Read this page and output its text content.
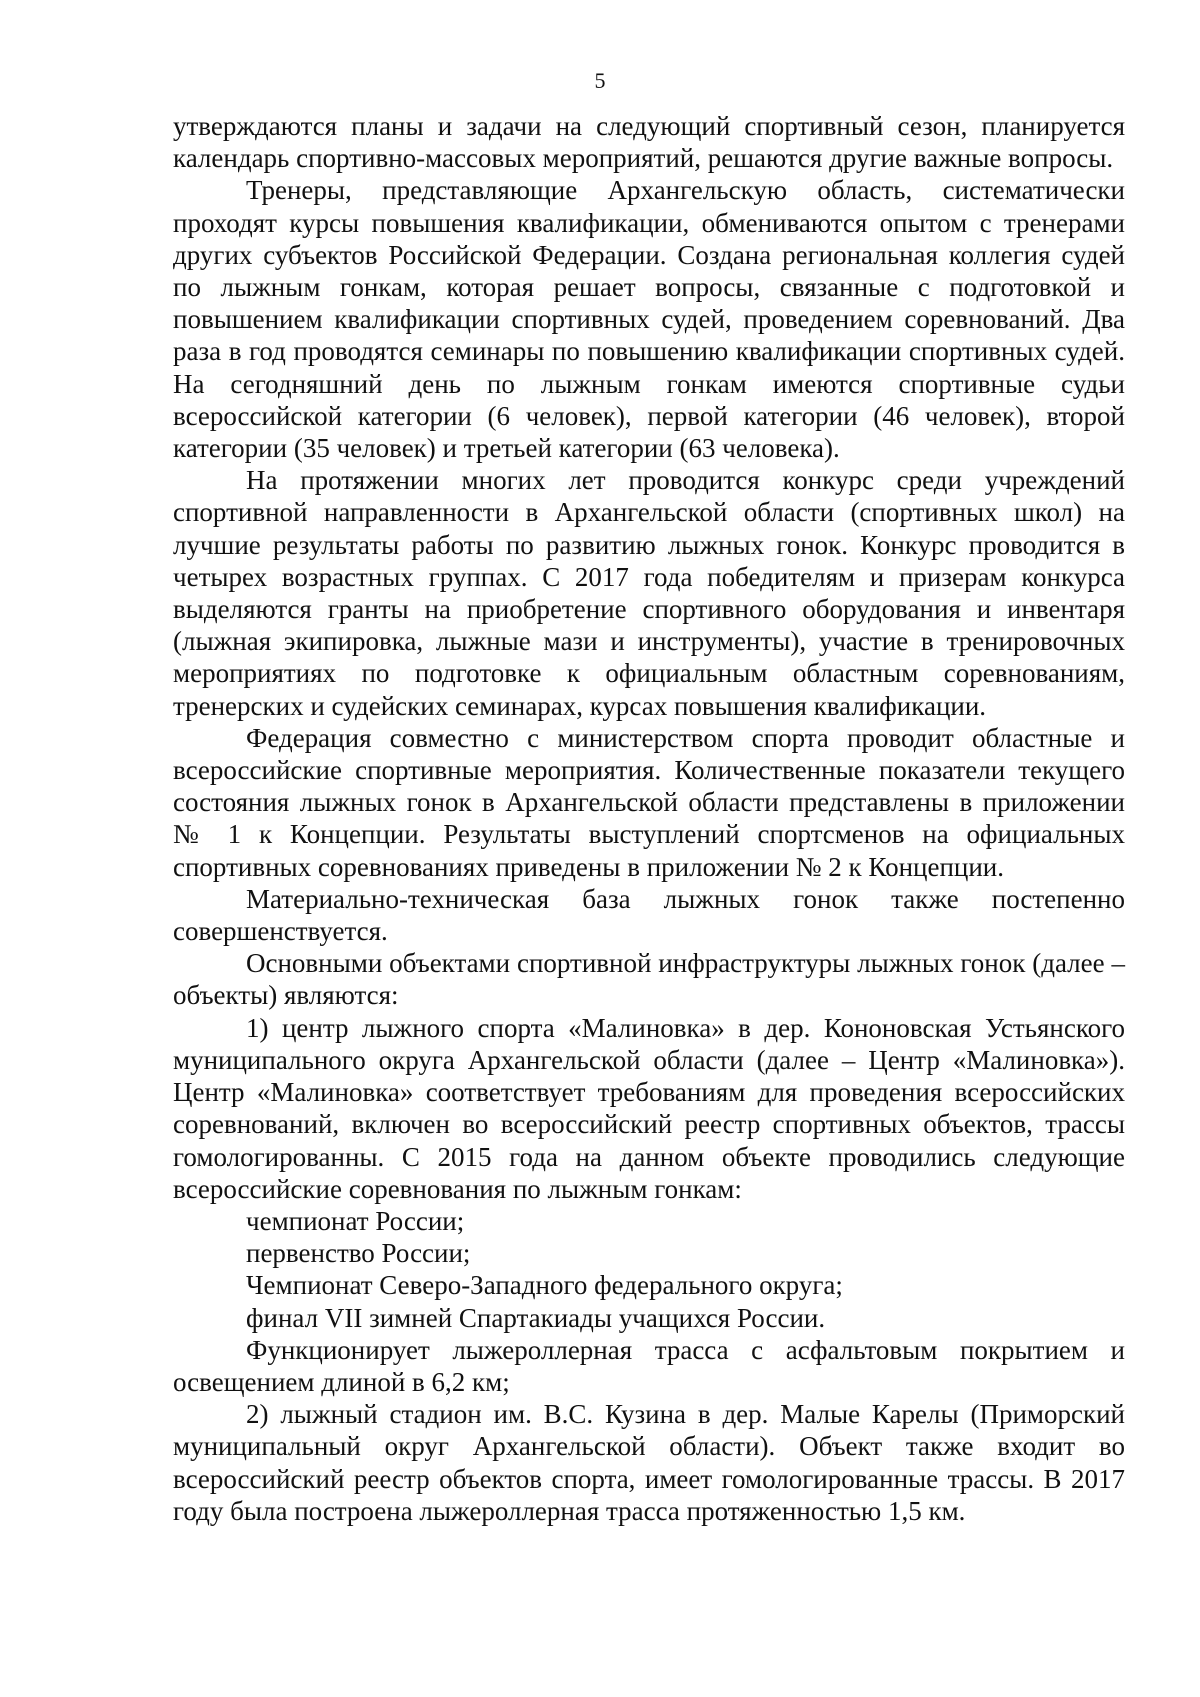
5

утверждаются планы и задачи на следующий спортивный сезон, планируется календарь спортивно-массовых мероприятий, решаются другие важные вопросы.

Тренеры, представляющие Архангельскую область, систематически проходят курсы повышения квалификации, обмениваются опытом с тренерами других субъектов Российской Федерации. Создана региональная коллегия судей по лыжным гонкам, которая решает вопросы, связанные с подготовкой и повышением квалификации спортивных судей, проведением соревнований. Два раза в год проводятся семинары по повышению квалификации спортивных судей. На сегодняшний день по лыжным гонкам имеются спортивные судьи всероссийской категории (6 человек), первой категории (46 человек), второй категории (35 человек) и третьей категории (63 человека).

На протяжении многих лет проводится конкурс среди учреждений спортивной направленности в Архангельской области (спортивных школ) на лучшие результаты работы по развитию лыжных гонок. Конкурс проводится в четырех возрастных группах. С 2017 года победителям и призерам конкурса выделяются гранты на приобретение спортивного оборудования и инвентаря (лыжная экипировка, лыжные мази и инструменты), участие в тренировочных мероприятиях по подготовке к официальным областным соревнованиям, тренерских и судейских семинарах, курсах повышения квалификации.

Федерация совместно с министерством спорта проводит областные и всероссийские спортивные мероприятия. Количественные показатели текущего состояния лыжных гонок в Архангельской области представлены в приложении № 1 к Концепции. Результаты выступлений спортсменов на официальных спортивных соревнованиях приведены в приложении № 2 к Концепции.

Материально-техническая база лыжных гонок также постепенно совершенствуется.

Основными объектами спортивной инфраструктуры лыжных гонок (далее – объекты) являются:

1) центр лыжного спорта «Малиновка» в дер. Кононовская Устьянского муниципального округа Архангельской области (далее – Центр «Малиновка»). Центр «Малиновка» соответствует требованиям для проведения всероссийских соревнований, включен во всероссийский реестр спортивных объектов, трассы гомологированны. С 2015 года на данном объекте проводились следующие всероссийские соревнования по лыжным гонкам:

чемпионат России;
первенство России;
Чемпионат Северо-Западного федерального округа;
финал VII зимней Спартакиады учащихся России.

Функционирует лыжероллерная трасса с асфальтовым покрытием и освещением длиной в 6,2 км;

2) лыжный стадион им. В.С. Кузина в дер. Малые Карелы (Приморский муниципальный округ Архангельской области). Объект также входит во всероссийский реестр объектов спорта, имеет гомологированные трассы. В 2017 году была построена лыжероллерная трасса протяженностью 1,5 км.
